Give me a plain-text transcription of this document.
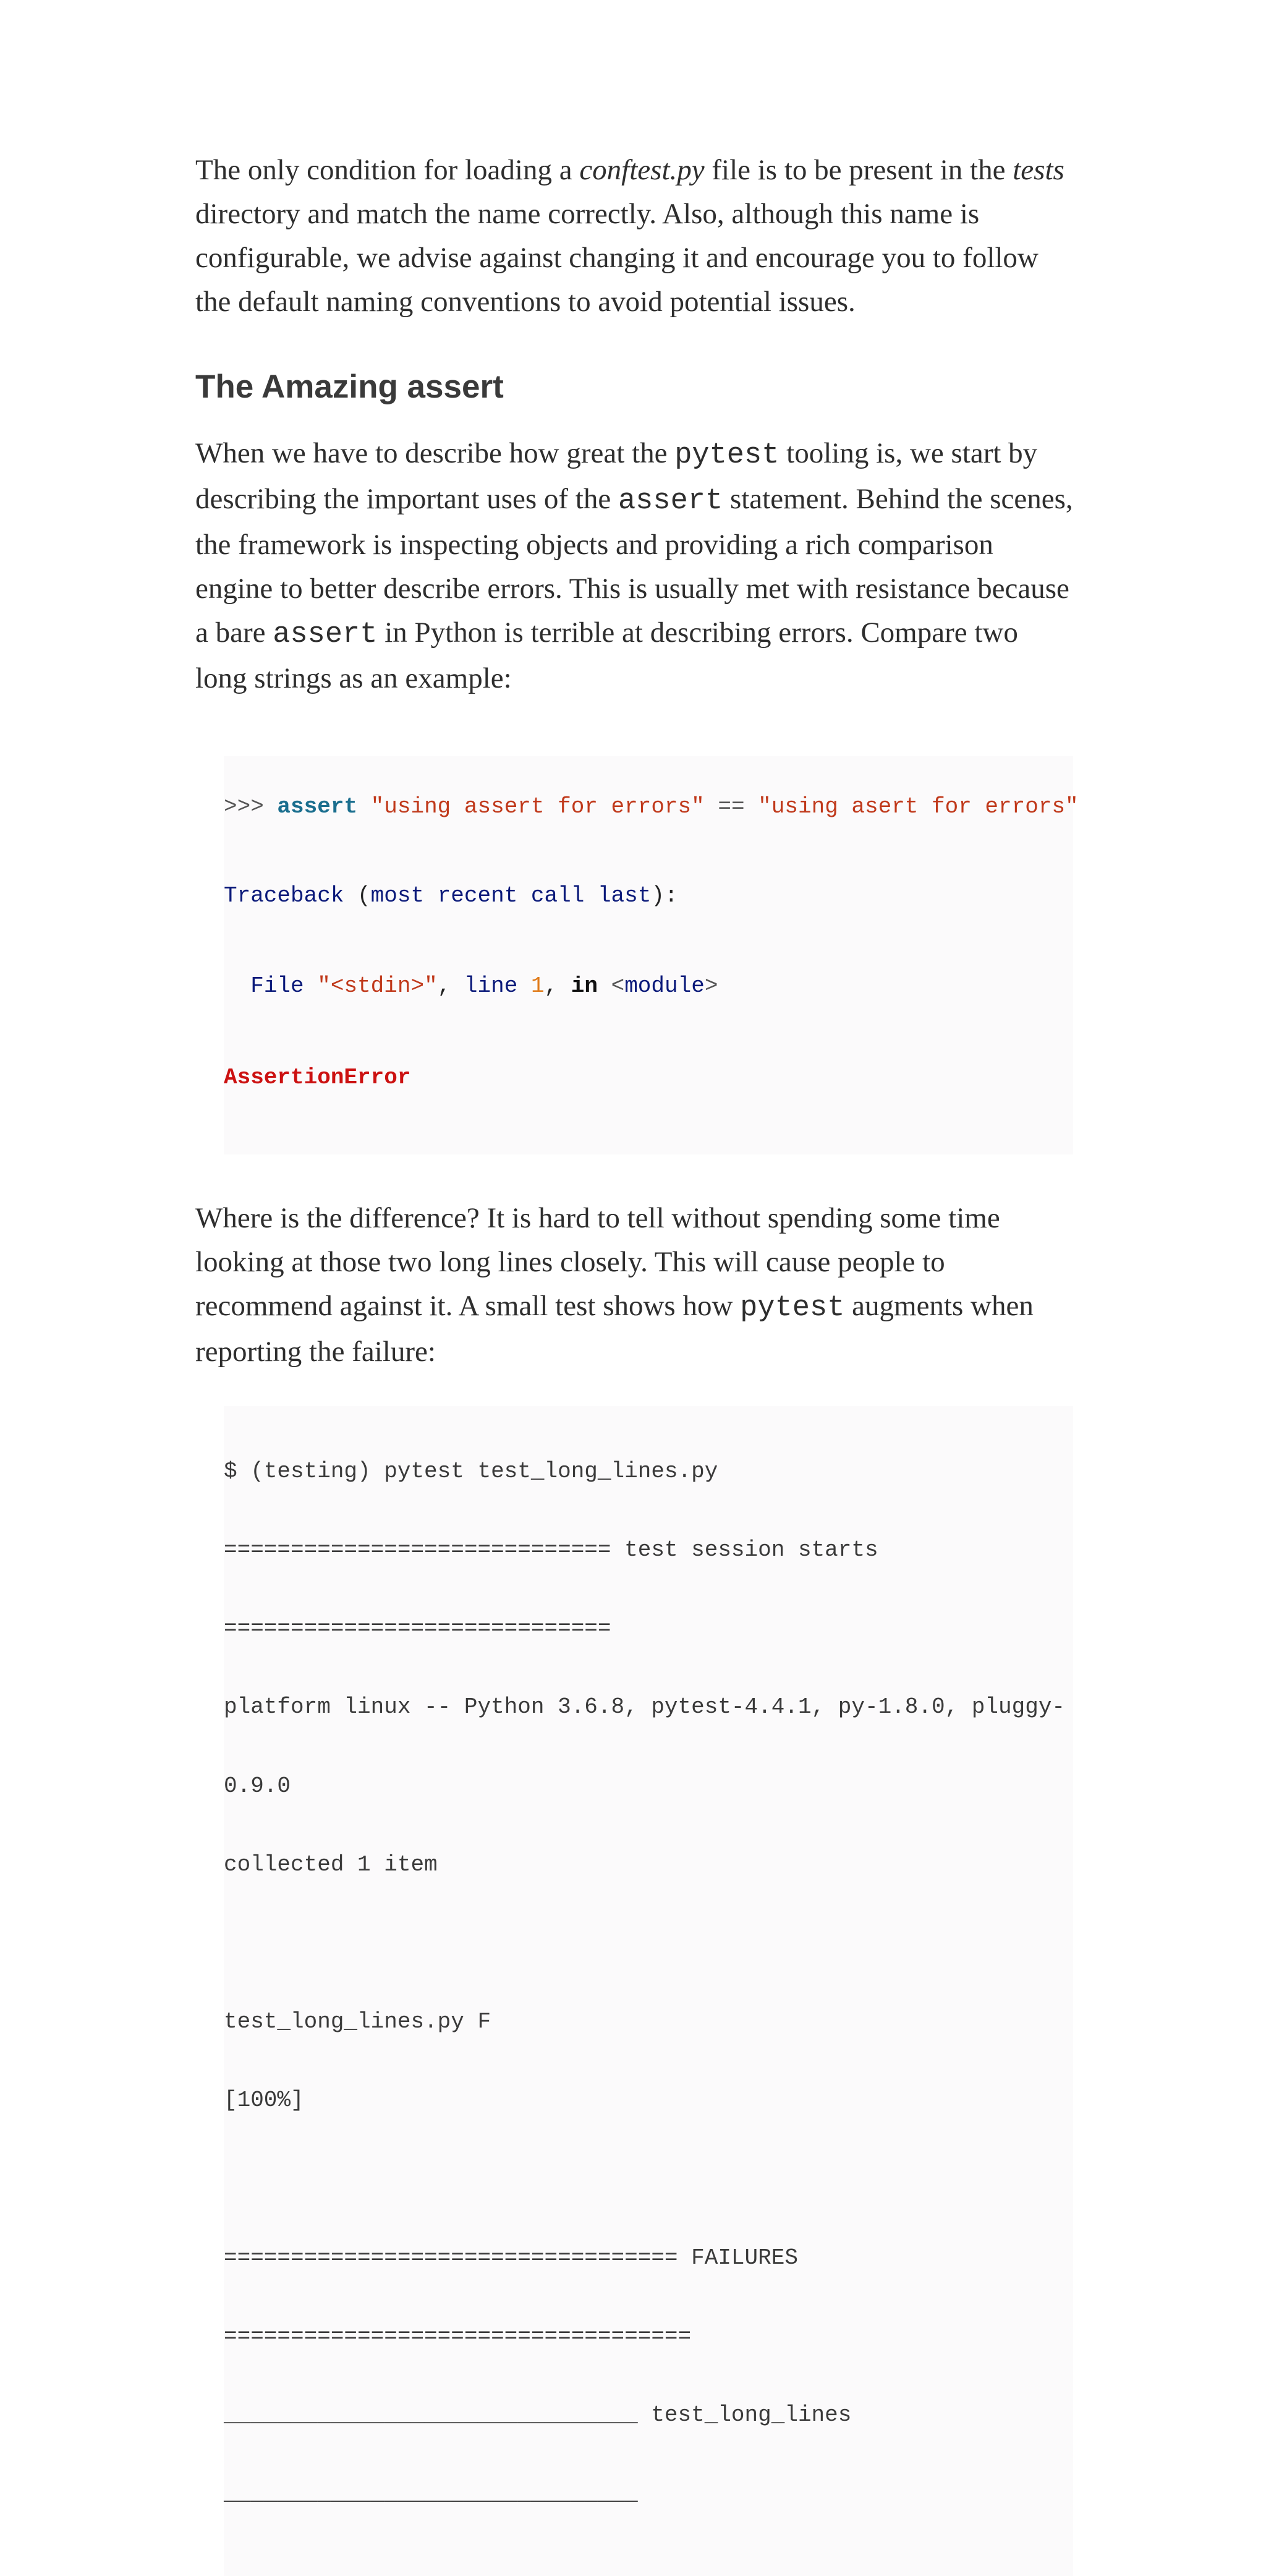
The only condition for loading a conftest.py file is to be present in the tests directory and match the name correctly. Also, although this name is configurable, we advise against changing it and encourage you to follow the default naming conventions to avoid potential issues.

The Amazing assert

When we have to describe how great the pytest tooling is, we start by describing the important uses of the assert statement. Behind the scenes, the framework is inspecting objects and providing a rich comparison engine to better describe errors. This is usually met with resistance because a bare assert in Python is terrible at describing errors. Compare two long strings as an example:

>>> assert "using assert for errors" == "using asert for errors"

Traceback (most recent call last):

File "<stdin>", line 1, in <module>

AssertionError

Where is the difference? It is hard to tell without spending some time looking at those two long lines closely. This will cause people to recommend against it. A small test shows how pytest augments when reporting the failure:

$ (testing) pytest test_long_lines.py

============================= test session starts

=============================

platform linux -- Python 3.6.8, pytest-4.4.1, py-1.8.0, pluggy-

0.9.0

collected 1 item

test_long_lines.py F

[100%]

================================== FAILURES

===================================

_______________________________ test_long_lines

_______________________________
